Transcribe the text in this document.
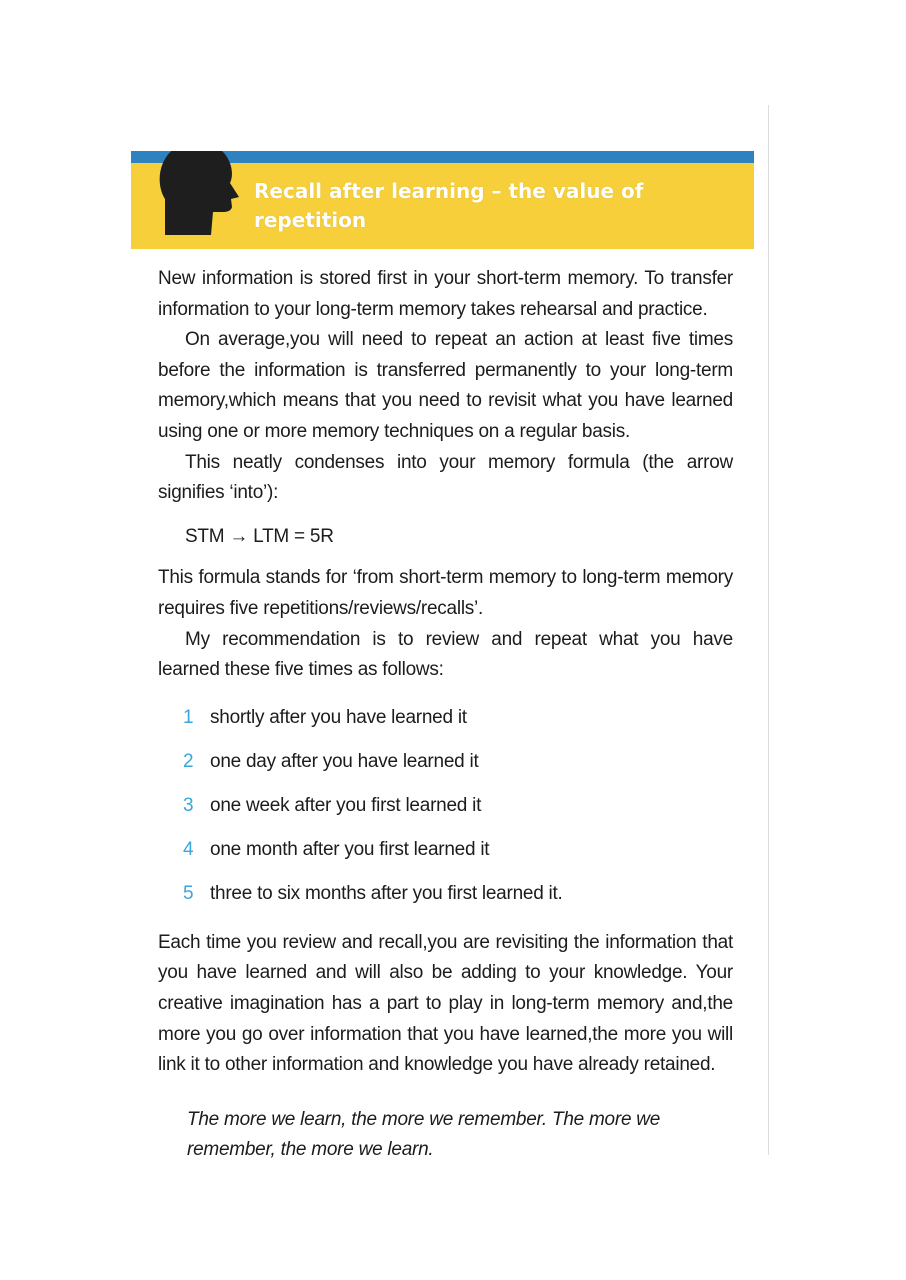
Recall after learning – the value of repetition

New information is stored first in your short-term memory. To transfer information to your long-term memory takes rehearsal and practice.

On average,you will need to repeat an action at least five times before the information is transferred permanently to your long-term memory,which means that you need to revisit what you have learned using one or more memory techniques on a regular basis.

This neatly condenses into your memory formula (the arrow signifies ‘into’):

STM → LTM = 5R

This formula stands for ‘from short-term memory to long-term memory requires five repetitions/reviews/recalls’.

My recommendation is to review and repeat what you have learned these five times as follows:

1 shortly after you have learned it
2 one day after you have learned it
3 one week after you first learned it
4 one month after you first learned it
5 three to six months after you first learned it.

Each time you review and recall,you are revisiting the information that you have learned and will also be adding to your knowledge. Your creative imagination has a part to play in long-term memory and,the more you go over information that you have learned,the more you will link it to other information and knowledge you have already retained.

The more we learn, the more we remember. The more we remember, the more we learn.
